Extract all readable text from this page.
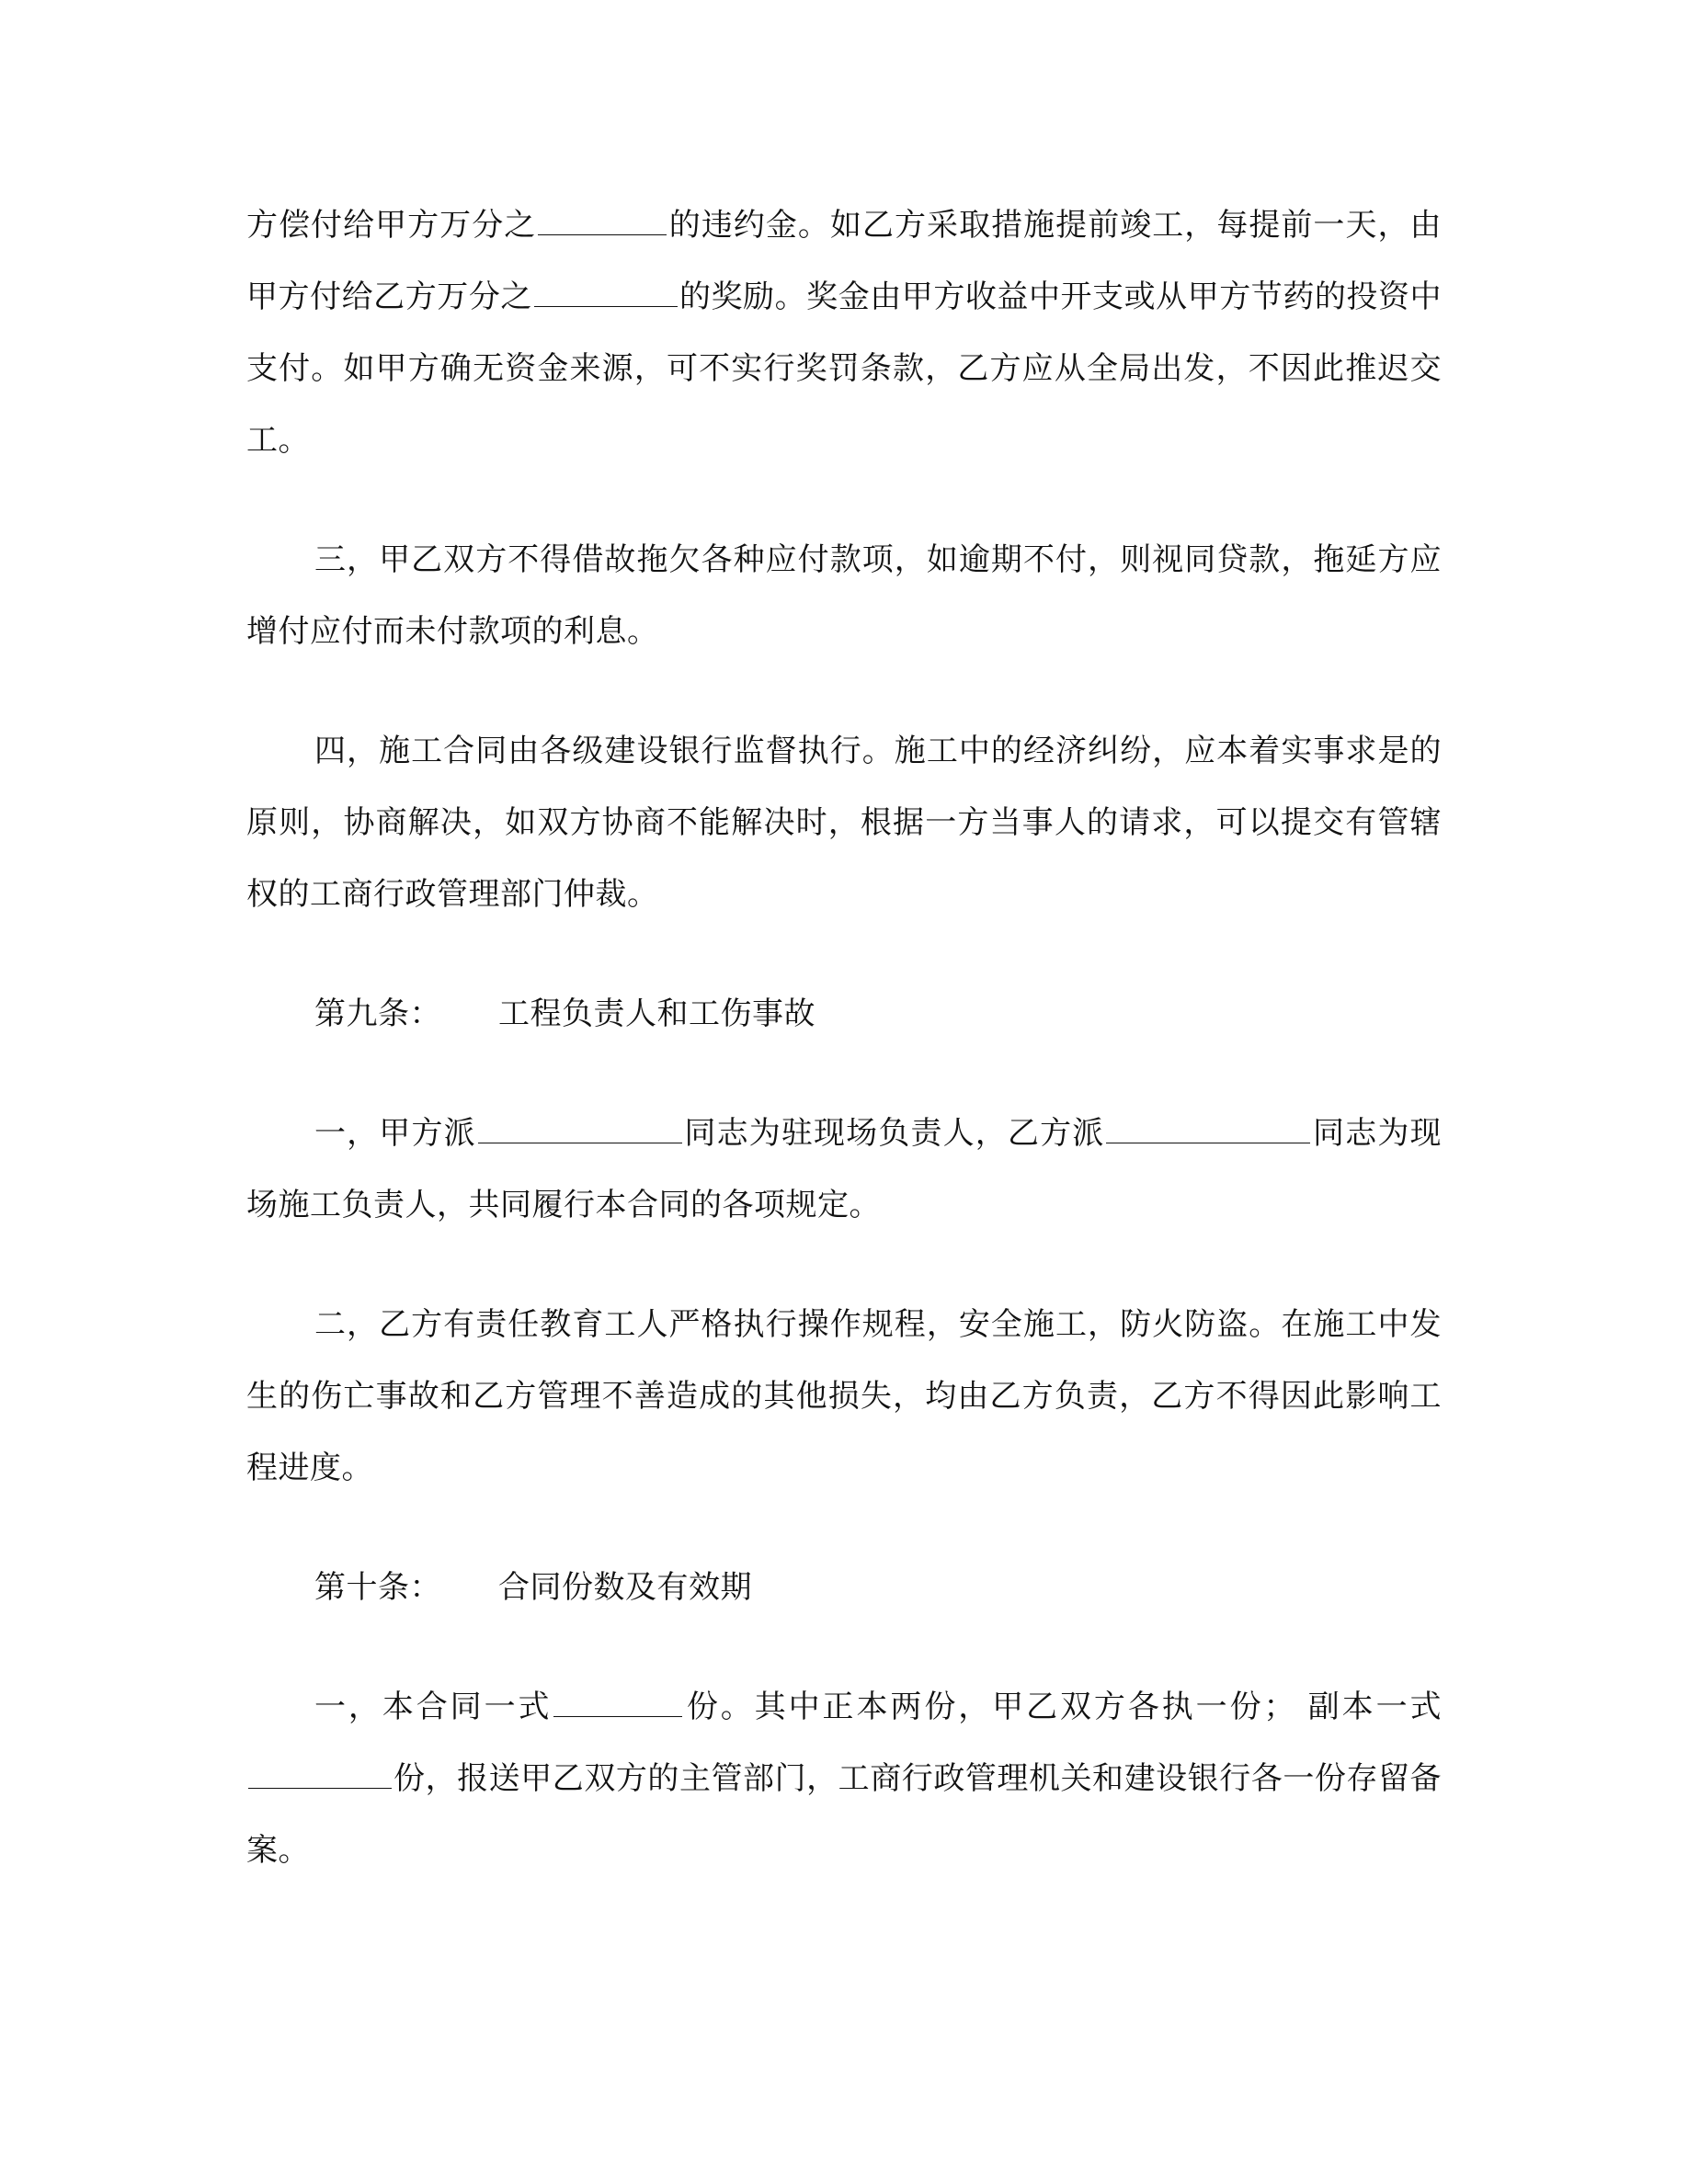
方偿付给甲方万分之	的违约金。如乙方采取措施提前竣工，每提前一天，由甲方付给乙方万分之	的奖励。奖金由甲方收益中开支或从甲方节药的投资中支付。如甲方确无资金来源，可不实行奖罚条款，乙方应从全局出发，不因此推迟交工。

三，甲乙双方不得借故拖欠各种应付款项，如逾期不付，则视同贷款，拖延方应增付应付而未付款项的利息。

四，施工合同由各级建设银行监督执行。施工中的经济纠纷，应本着实事求是的原则，协商解决，如双方协商不能解决时，根据一方当事人的请求，可以提交有管辖权的工商行政管理部门仲裁。

第九条： 工程负责人和工伤事故

一，甲方派	同志为驻现场负责人，乙方派	同志为现场施工负责人，共同履行本合同的各项规定。

二，乙方有责任教育工人严格执行操作规程，安全施工，防火防盗。在施工中发生的伤亡事故和乙方管理不善造成的其他损失，均由乙方负责，乙方不得因此影响工程进度。

第十条： 合同份数及有效期

一，本合同一式	份。其中正本两份，甲乙双方各执一份； 副本一式份，报送甲乙双方的主管部门，工商行政管理机关和建设银行各一份存留备案。
